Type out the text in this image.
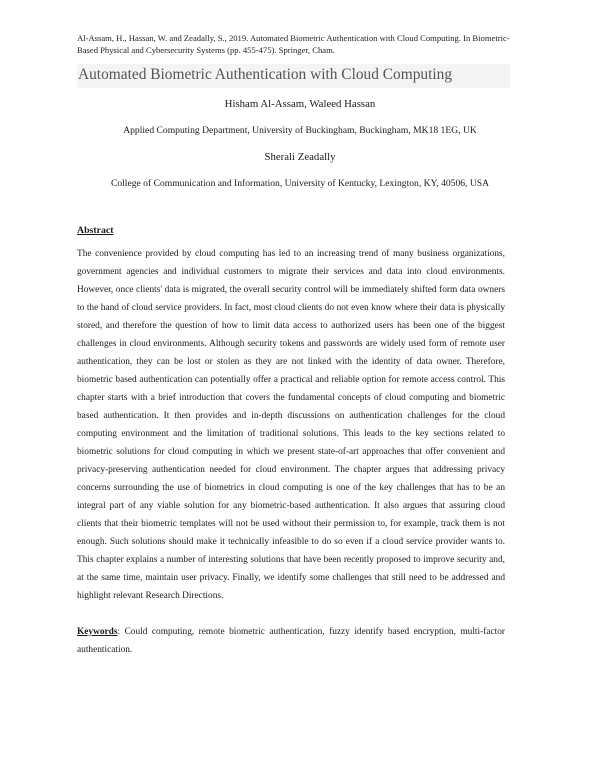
Al-Assam, H., Hassan, W. and Zeadally, S., 2019. Automated Biometric Authentication with Cloud Computing. In Biometric-Based Physical and Cybersecurity Systems (pp. 455-475). Springer, Cham.
Automated Biometric Authentication with Cloud Computing
Hisham Al-Assam, Waleed Hassan
Applied Computing Department, University of Buckingham, Buckingham, MK18 1EG, UK
Sherali Zeadally
College of Communication and Information, University of Kentucky, Lexington, KY, 40506, USA
Abstract
The convenience provided by cloud computing has led to an increasing trend of many business organizations, government agencies and individual customers to migrate their services and data into cloud environments. However, once clients' data is migrated, the overall security control will be immediately shifted form data owners to the hand of cloud service providers. In fact, most cloud clients do not even know where their data is physically stored, and therefore the question of how to limit data access to authorized users has been one of the biggest challenges in cloud environments. Although security tokens and passwords are widely used form of remote user authentication, they can be lost or stolen as they are not linked with the identity of data owner. Therefore, biometric based authentication can potentially offer a practical and reliable option for remote access control. This chapter starts with a brief introduction that covers the fundamental concepts of cloud computing and biometric based authentication. It then provides and in-depth discussions on authentication challenges for the cloud computing environment and the limitation of traditional solutions. This leads to the key sections related to biometric solutions for cloud computing in which we present state-of-art approaches that offer convenient and privacy-preserving authentication needed for cloud environment. The chapter argues that addressing privacy concerns surrounding the use of biometrics in cloud computing is one of the key challenges that has to be an integral part of any viable solution for any biometric-based authentication. It also argues that assuring cloud clients that their biometric templates will not be used without their permission to, for example, track them is not enough. Such solutions should make it technically infeasible to do so even if a cloud service provider wants to. This chapter explains a number of interesting solutions that have been recently proposed to improve security and, at the same time, maintain user privacy. Finally, we identify some challenges that still need to be addressed and highlight relevant Research Directions.
Keywords: Could computing, remote biometric authentication, fuzzy identify based encryption, multi-factor authentication.
